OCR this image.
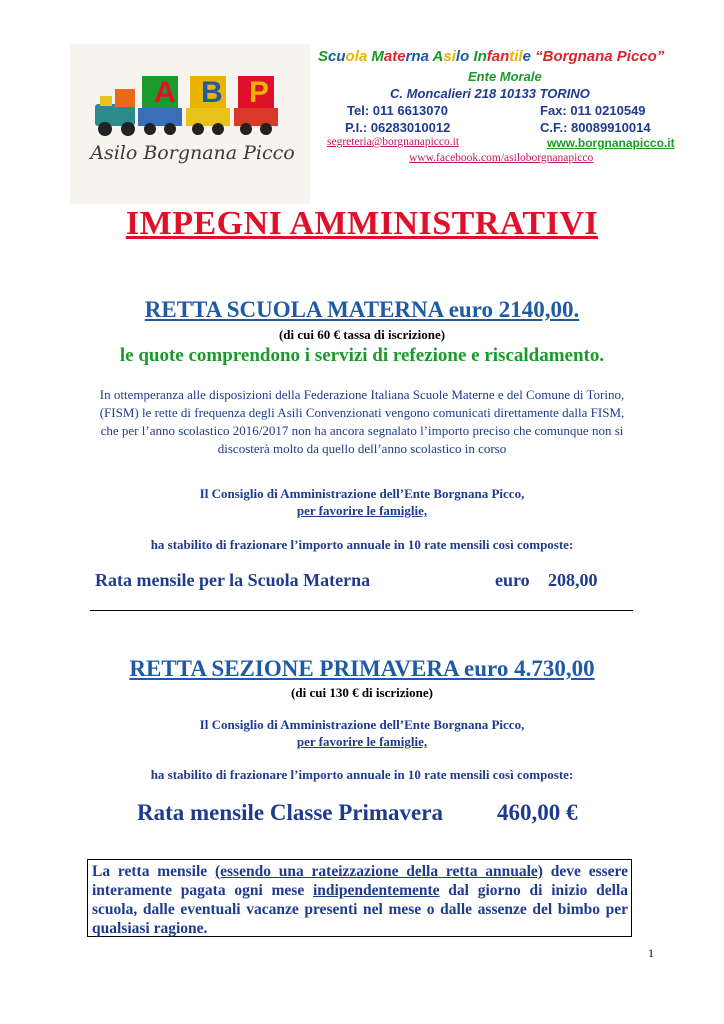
A B P
Asilo Borgnana Picco
Scuola Materna Asilo Infantile “Borgnana Picco”
Ente Morale
C. Moncalieri 218 10133 TORINO
Tel: 011 6613070	Fax: 011 0210549
P.I.: 06283010012	C.F.: 80089910014
segreteria@borgnanapicco.it	www.borgnanapicco.it
www.facebook.com/asiloborgnanapicco
IMPEGNI AMMINISTRATIVI
RETTA SCUOLA MATERNA euro 2140,00.
(di cui 60 € tassa di iscrizione)
le quote comprendono i servizi di refezione e riscaldamento.
In ottemperanza alle disposizioni della Federazione Italiana Scuole Materne e del Comune di Torino, (FISM) le rette di frequenza degli Asili Convenzionati vengono comunicati direttamente dalla FISM, che per l’anno scolastico 2016/2017 non ha ancora segnalato l’importo preciso che comunque non si discosterà molto da quello dell’anno scolastico in corso
Il Consiglio di Amministrazione dell’Ente Borgnana Picco,
per favorire le famiglie,
ha stabilito di frazionare l’importo annuale in 10 rate mensili così composte:
Rata mensile per la Scuola Materna	euro 208,00
RETTA SEZIONE PRIMAVERA euro 4.730,00
(di cui 130 € di iscrizione)
Il Consiglio di Amministrazione dell’Ente Borgnana Picco,
per favorire le famiglie,
ha stabilito di frazionare l’importo annuale in 10 rate mensili così composte:
Rata mensile Classe Primavera 460,00 €
La retta mensile (essendo una rateizzazione della retta annuale) deve essere interamente pagata ogni mese indipendentemente dal giorno di inizio della scuola, dalle eventuali vacanze presenti nel mese o dalle assenze del bimbo per qualsiasi ragione.
1
